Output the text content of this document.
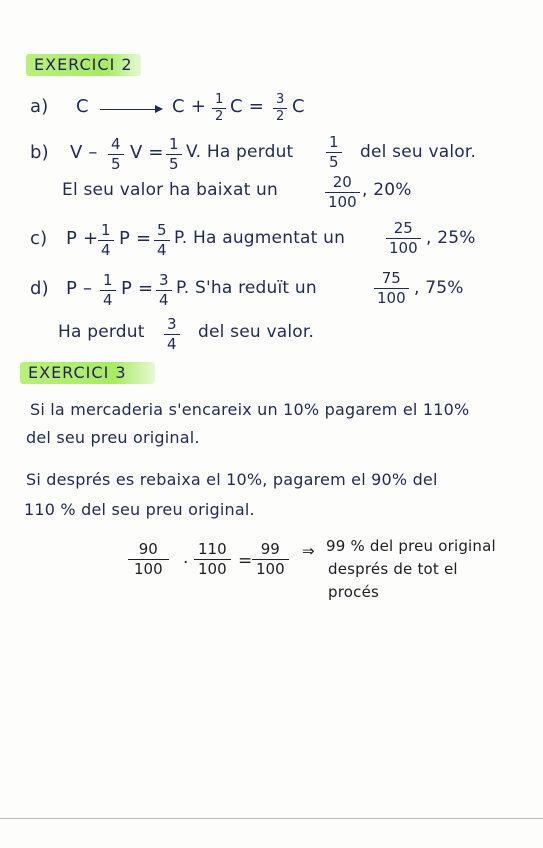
EXERCICI 2
a) C	C + 1
2 C = 3
2 C
b) V – 4
5
V = 1
5
V. Ha perdut 1
5 del seu valor.
El seu valor ha baixat un	20
100
, 20%
c) P + 1
4
P = 5
4
P. Ha augmentat un	25
100 , 25%
d) P – 1
4
P = 3
4
P. S'ha reduït un	75
100 , 75%
Ha perdut 3
4
del seu valor.
EXERCICI 3
Si la mercaderia s'encareix un 10% pagarem el 110%
del seu preu original.
Si després es rebaixa el 10%, pagarem el 90% del
110 % del seu preu original.
90
100	·
110
100 =
99
100
⇒ 99 % del preu original
després de tot el
procés
